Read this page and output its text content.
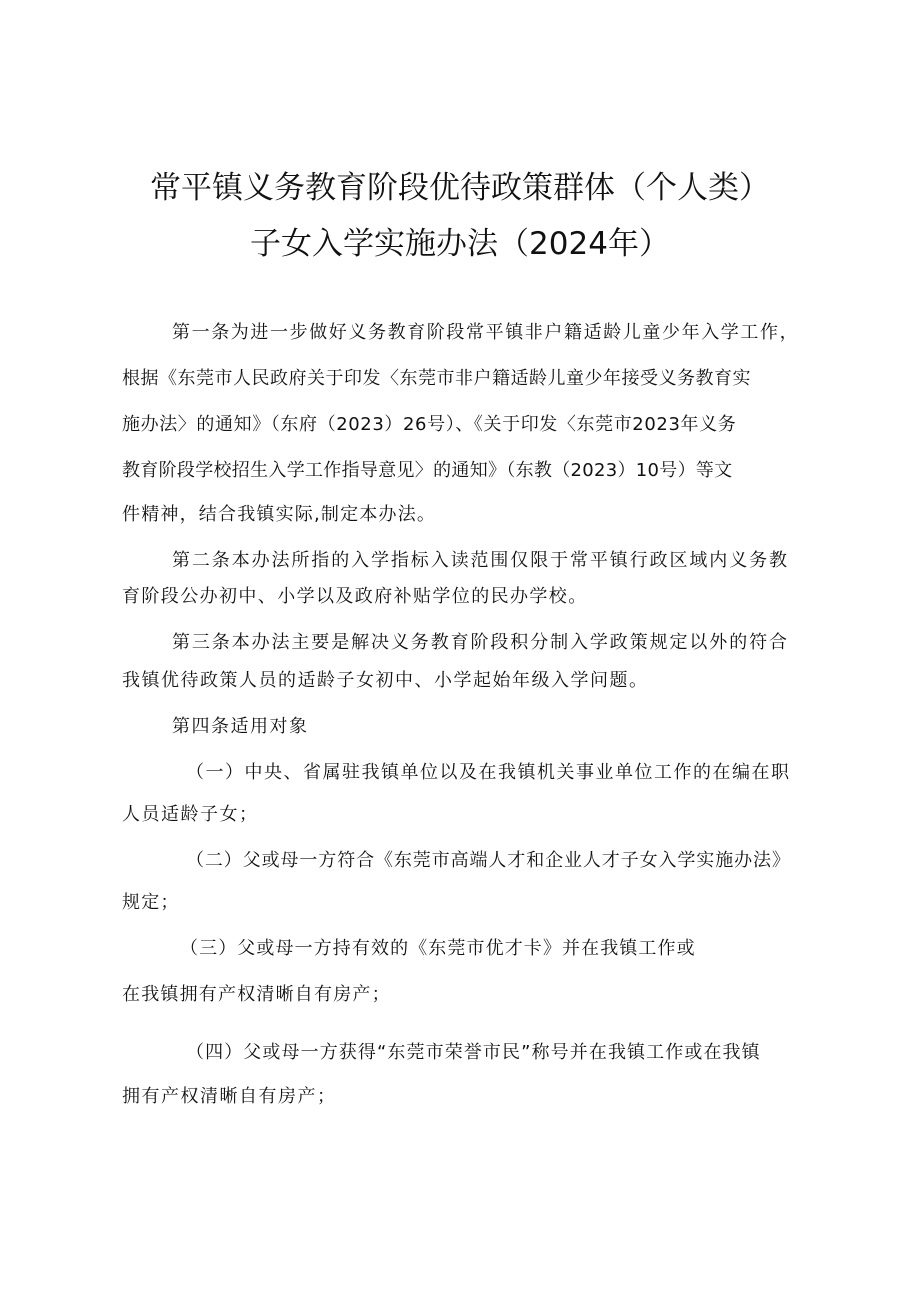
常平镇义务教育阶段优待政策群体（个人类）
子女入学实施办法（2024年）
第一条为进一步做好义务教育阶段常平镇非户籍适龄儿童少年入学工作，
根据《东莞市人民政府关于印发〈东莞市非户籍适龄儿童少年接受义务教育实
施办法〉的通知》（东府（2023）26号）、《关于印发〈东莞市2023年义务
教育阶段学校招生入学工作指导意见〉的通知》（东教（2023）10号）等文
件精神，结合我镇实际,制定本办法。
第二条本办法所指的入学指标入读范围仅限于常平镇行政区域内义务教
育阶段公办初中、小学以及政府补贴学位的民办学校。
第三条本办法主要是解决义务教育阶段积分制入学政策规定以外的符合
我镇优待政策人员的适龄子女初中、小学起始年级入学问题。
第四条适用对象
（一）中央、省属驻我镇单位以及在我镇机关事业单位工作的在编在职
人员适龄子女；
（二）父或母一方符合《东莞市高端人才和企业人才子女入学实施办法》
规定；
（三）父或母一方持有效的《东莞市优才卡》并在我镇工作或
在我镇拥有产权清晰自有房产；
（四）父或母一方获得“东莞市荣誉市民”称号并在我镇工作或在我镇
拥有产权清晰自有房产；
